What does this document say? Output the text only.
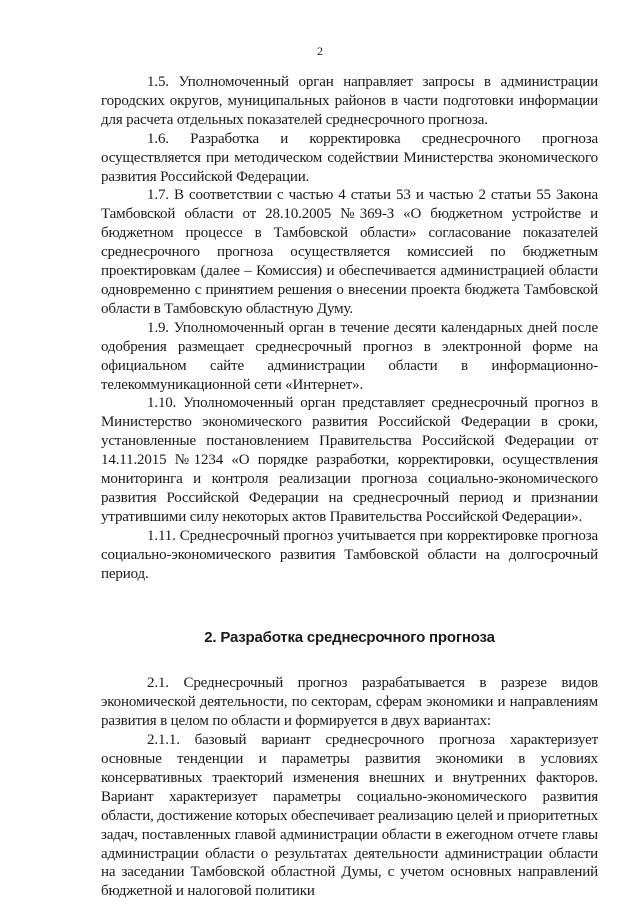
2

1.5. Уполномоченный орган направляет запросы в администрации городских округов, муниципальных районов в части подготовки информации для расчета отдельных показателей среднесрочного прогноза.

1.6. Разработка и корректировка среднесрочного прогноза осуществляется при методическом содействии Министерства экономического развития Российской Федерации.

1.7. В соответствии с частью 4 статьи 53 и частью 2 статьи 55 Закона Тамбовской области от 28.10.2005 №369-З «О бюджетном устройстве и бюджетном процессе в Тамбовской области» согласование показателей среднесрочного прогноза осуществляется комиссией по бюджетным проектировкам (далее – Комиссия) и обеспечивается администрацией области одновременно с принятием решения о внесении проекта бюджета Тамбовской области в Тамбовскую областную Думу.

1.9. Уполномоченный орган в течение десяти календарных дней после одобрения размещает среднесрочный прогноз в электронной форме на официальном сайте администрации области в информационно-телекоммуникационной сети «Интернет».

1.10. Уполномоченный орган представляет среднесрочный прогноз в Министерство экономического развития Российской Федерации в сроки, установленные постановлением Правительства Российской Федерации от 14.11.2015 №1234 «О порядке разработки, корректировки, осуществления мониторинга и контроля реализации прогноза социально-экономического развития Российской Федерации на среднесрочный период и признании утратившими силу некоторых актов Правительства Российской Федерации».

1.11. Среднесрочный прогноз учитывается при корректировке прогноза социально-экономического развития Тамбовской области на долгосрочный период.

2. Разработка среднесрочного прогноза

2.1. Среднесрочный прогноз разрабатывается в разрезе видов экономической деятельности, по секторам, сферам экономики и направлениям развития в целом по области и формируется в двух вариантах:

2.1.1. базовый вариант среднесрочного прогноза характеризует основные тенденции и параметры развития экономики в условиях консервативных траекторий изменения внешних и внутренних факторов. Вариант характеризует параметры социально-экономического развития области, достижение которых обеспечивает реализацию целей и приоритетных задач, поставленных главой администрации области в ежегодном отчете главы администрации области о результатах деятельности администрации области на заседании Тамбовской областной Думы, с учетом основных направлений бюджетной и налоговой политики
